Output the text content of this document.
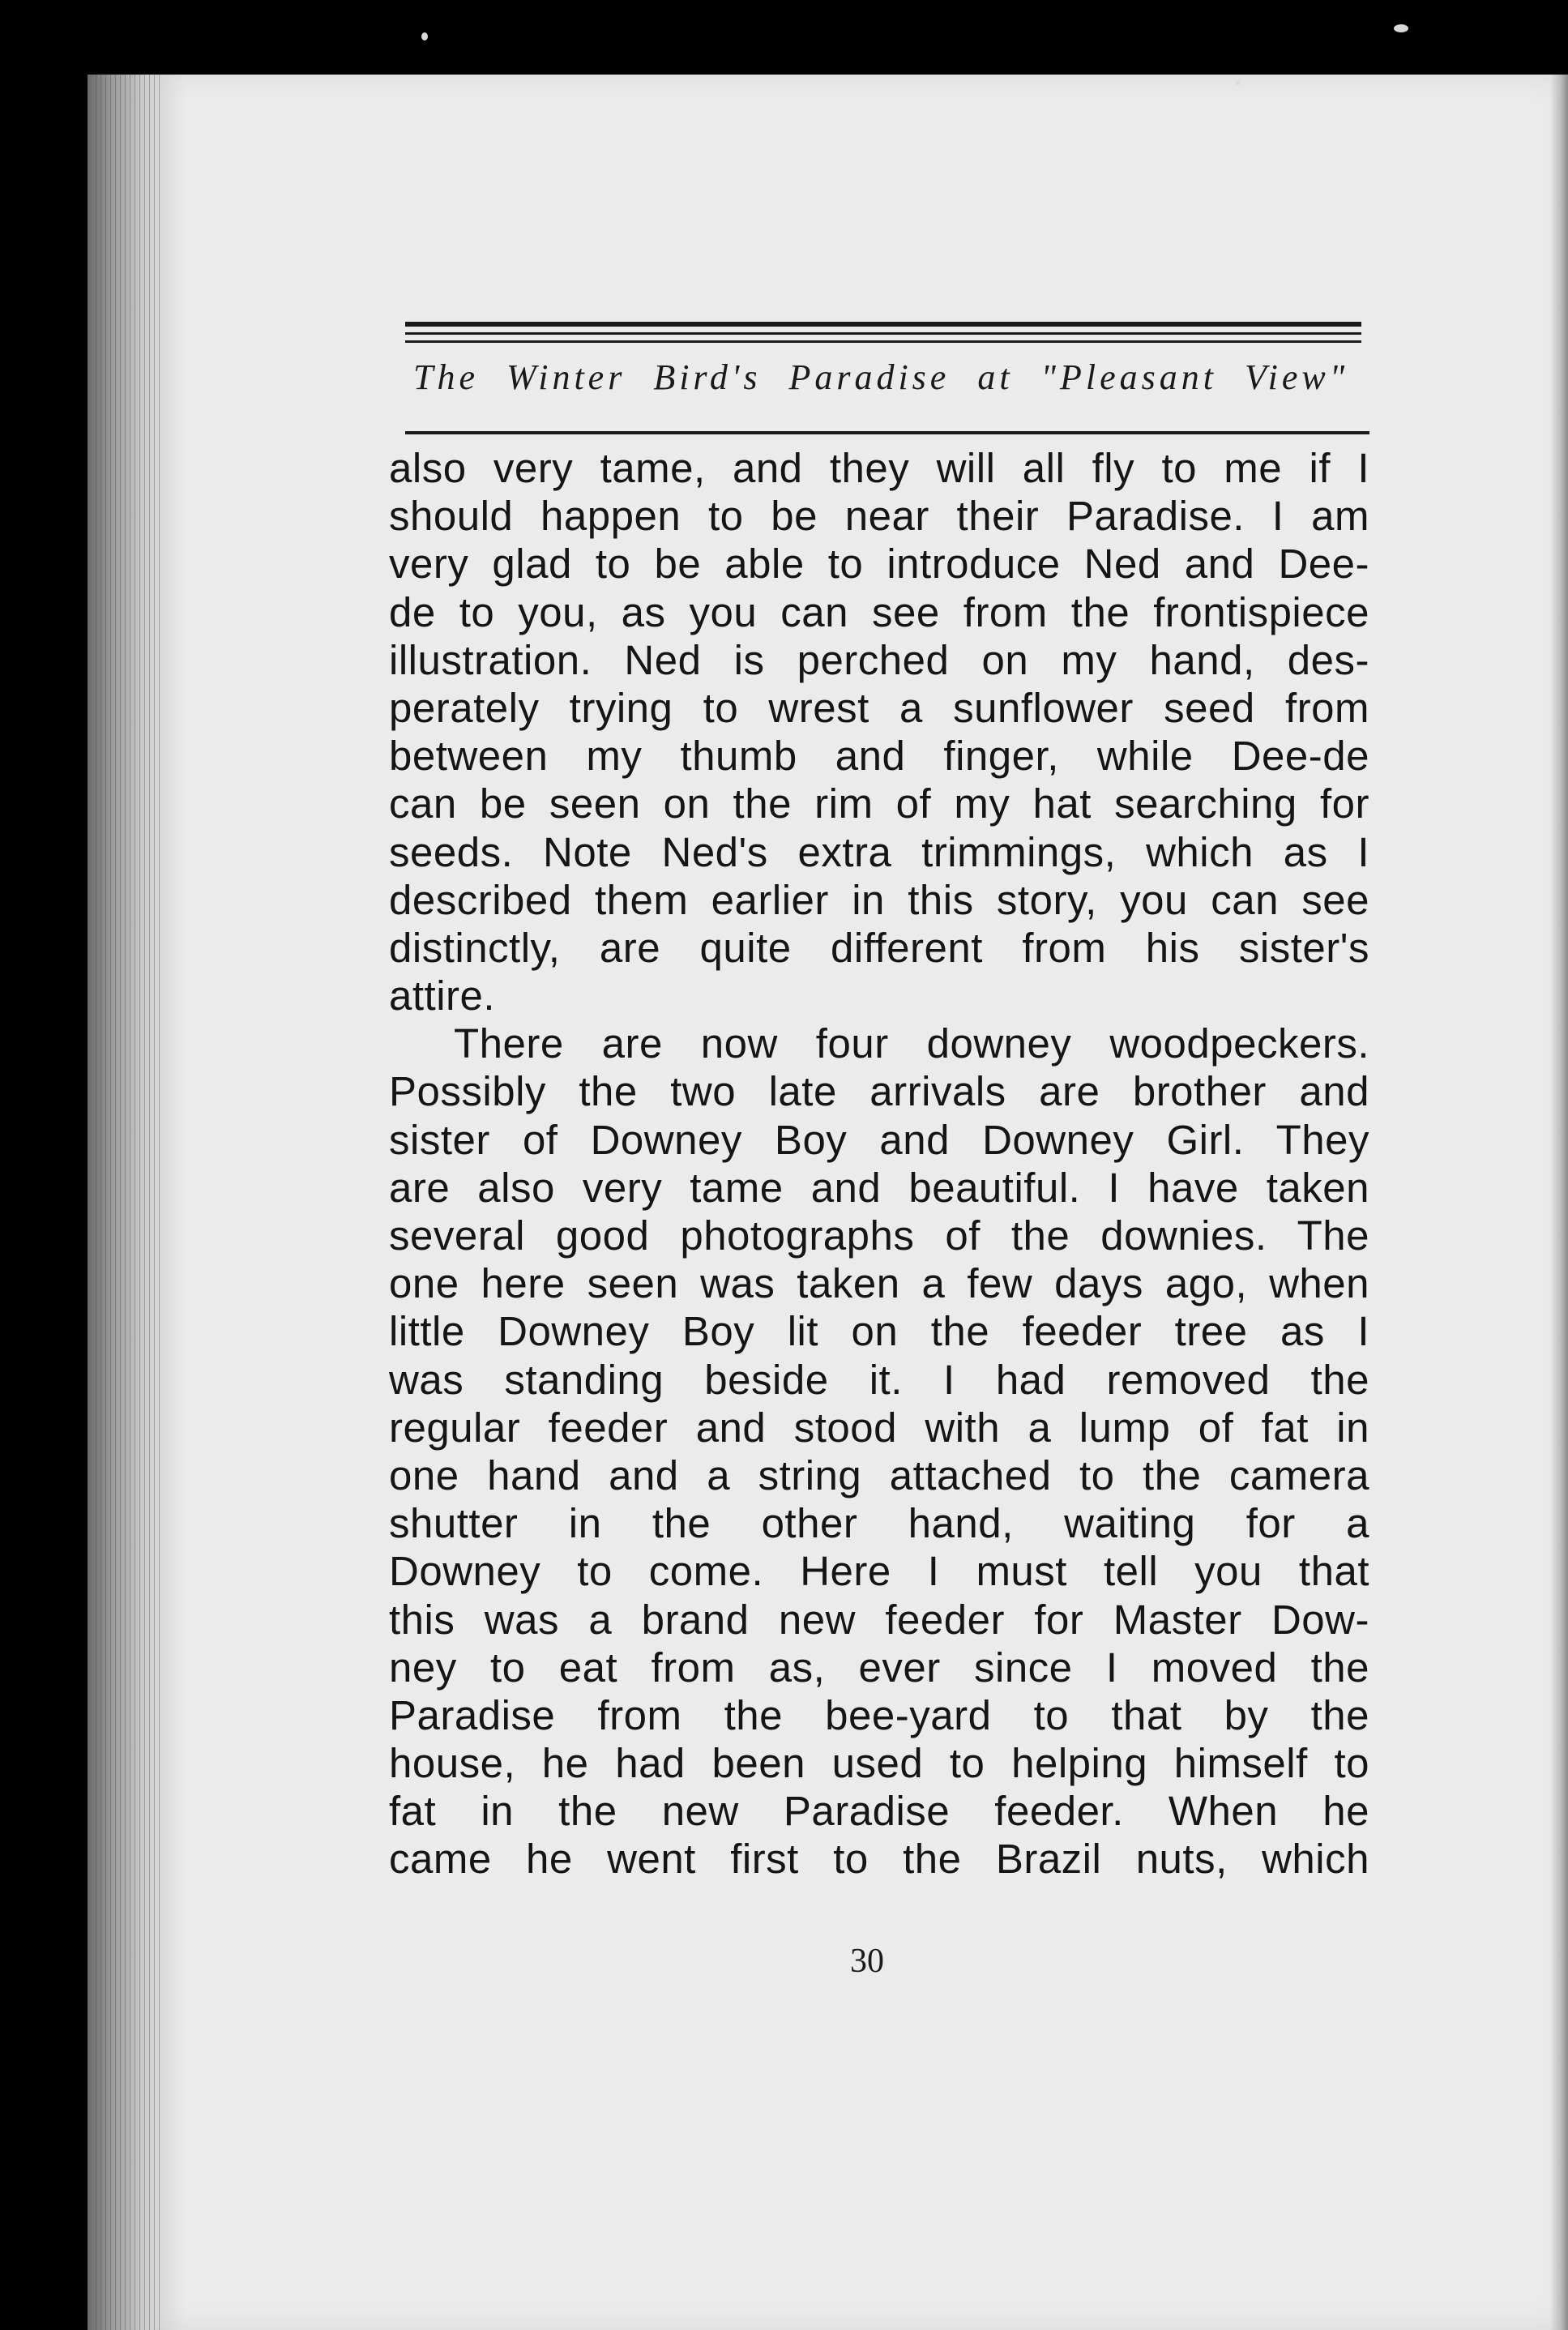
The Winter Bird's Paradise at "Pleasant View"
also very tame, and they will all fly to me if I
should happen to be near their Paradise. I am
very glad to be able to introduce Ned and Dee-
de to you, as you can see from the frontispiece
illustration. Ned is perched on my hand, des-
perately trying to wrest a sunflower seed from
between my thumb and finger, while Dee-de
can be seen on the rim of my hat searching for
seeds. Note Ned's extra trimmings, which as I
described them earlier in this story, you can see
distinctly, are quite different from his sister's
attire.
There are now four downey woodpeckers.
Possibly the two late arrivals are brother and
sister of Downey Boy and Downey Girl. They
are also very tame and beautiful. I have taken
several good photographs of the downies. The
one here seen was taken a few days ago, when
little Downey Boy lit on the feeder tree as I
was standing beside it. I had removed the
regular feeder and stood with a lump of fat in
one hand and a string attached to the camera
shutter in the other hand, waiting for a
Downey to come. Here I must tell you that
this was a brand new feeder for Master Dow-
ney to eat from as, ever since I moved the
Paradise from the bee-yard to that by the
house, he had been used to helping himself to
fat in the new Paradise feeder. When he
came he went first to the Brazil nuts, which
30
